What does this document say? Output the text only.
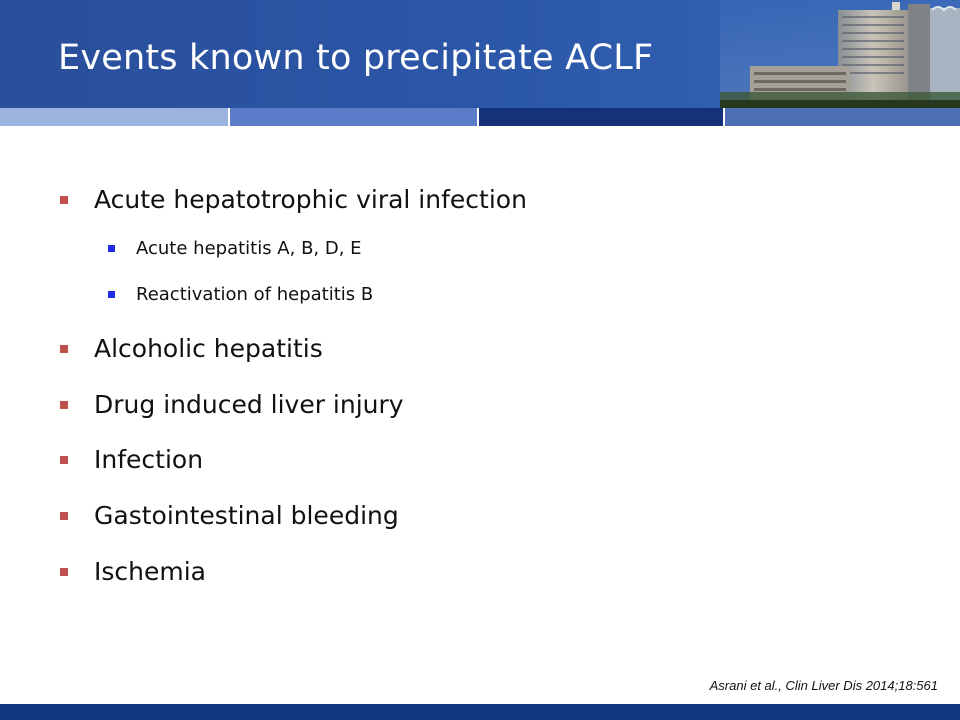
Events known to precipitate ACLF
Acute hepatotrophic viral infection
Acute hepatitis A, B, D, E
Reactivation of hepatitis B
Alcoholic hepatitis
Drug induced liver injury
Infection
Gastointestinal bleeding
Ischemia
Asrani et al., Clin Liver Dis 2014;18:561
